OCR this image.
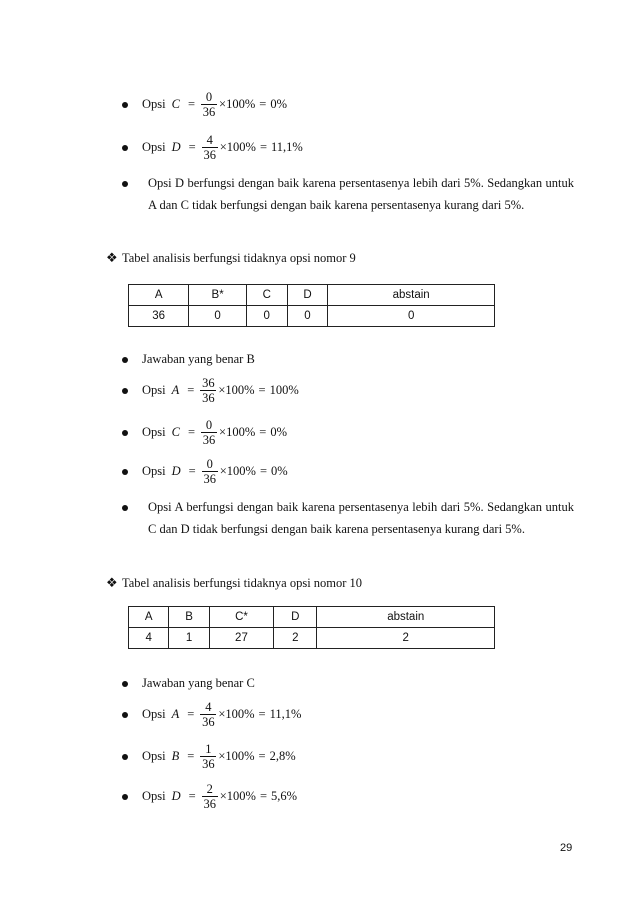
Opsi $C = \frac{0}{36} \times 100\% = 0\%$
Opsi $D = \frac{4}{36} \times 100\% = 11,1\%$
Opsi D berfungsi dengan baik karena persentasenya lebih dari 5%. Sedangkan untuk A dan C tidak berfungsi dengan baik karena persentasenya kurang dari 5%.
❖ Tabel analisis berfungsi tidaknya opsi nomor 9
A	B*	C	D	abstain
36	0	0	0	0
Jawaban yang benar B
Opsi $A = \frac{36}{36} \times 100\% = 100\%$
Opsi $C = \frac{0}{36} \times 100\% = 0\%$
Opsi $D = \frac{0}{36} \times 100\% = 0\%$
Opsi A berfungsi dengan baik karena persentasenya lebih dari 5%. Sedangkan untuk C dan D tidak berfungsi dengan baik karena persentasenya kurang dari 5%.
❖ Tabel analisis berfungsi tidaknya opsi nomor 10
A	B	C*	D	abstain
4	1	27	2	2
Jawaban yang benar C
Opsi $A = \frac{4}{36} \times 100\% = 11,1\%$
Opsi $B = \frac{1}{36} \times 100\% = 2,8\%$
Opsi $D = \frac{2}{36} \times 100\% = 5,6\%$
29
